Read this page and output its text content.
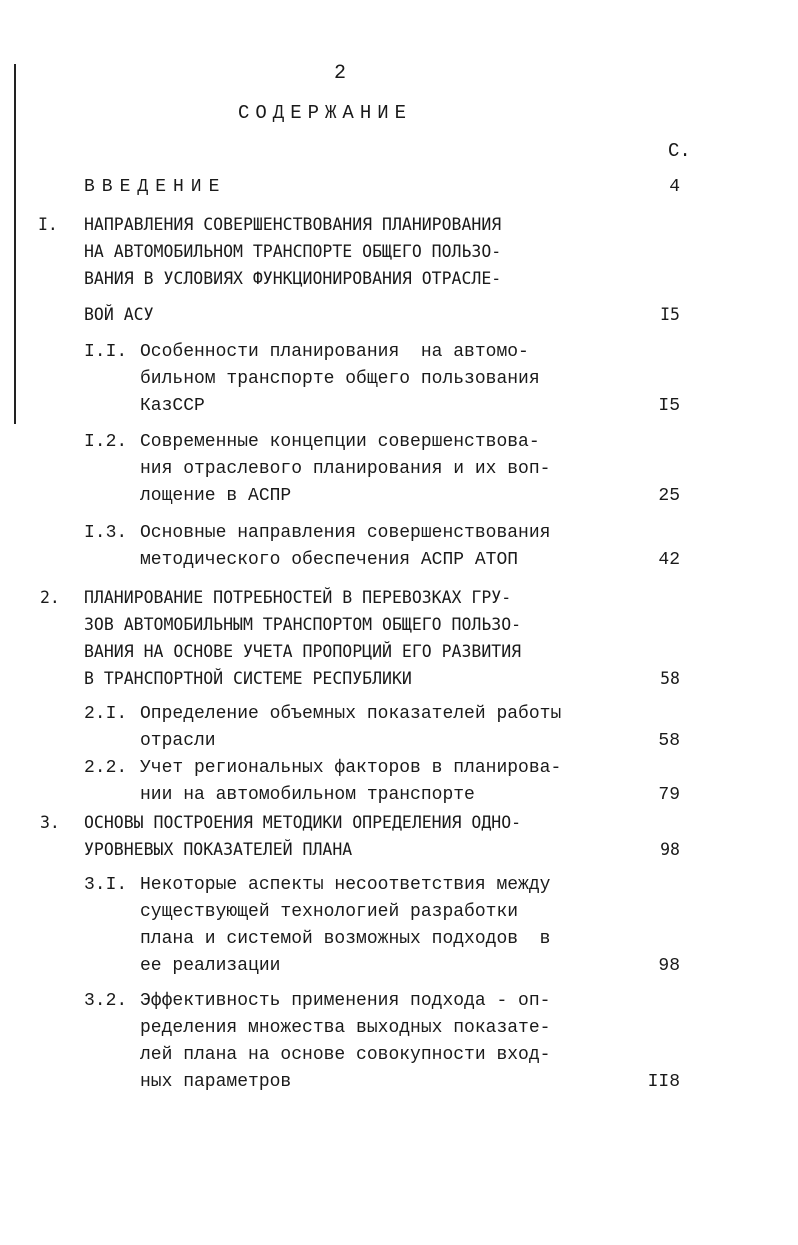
2
СОДЕРЖАНИЕ
С.
ВВЕДЕНИЕ	4
I. НАПРАВЛЕНИЯ СОВЕРШЕНСТВОВАНИЯ ПЛАНИРОВАНИЯ
НА АВТОМОБИЛЬНОМ ТРАНСПОРТЕ ОБЩЕГО ПОЛЬЗО-
ВАНИЯ В УСЛОВИЯХ ФУНКЦИОНИРОВАНИЯ ОТРАСЛЕ-
ВОЙ АСУ	I5
I.I. Особенности планирования  на автомо-
бильном транспорте общего пользования
КазССР	I5
I.2. Современные концепции совершенствова-
ния отраслевого планирования и их воп-
лощение в АСПР	25
I.3. Основные направления совершенствования
методического обеспечения АСПР АТОП	42
2. ПЛАНИРОВАНИЕ ПОТРЕБНОСТЕЙ В ПЕРЕВОЗКАХ ГРУ-
ЗОВ АВТОМОБИЛЬНЫМ ТРАНСПОРТОМ ОБЩЕГО ПОЛЬЗО-
ВАНИЯ НА ОСНОВЕ УЧЕТА ПРОПОРЦИЙ ЕГО РАЗВИТИЯ
В ТРАНСПОРТНОЙ СИСТЕМЕ РЕСПУБЛИКИ	58
2.I. Определение объемных показателей работы
отрасли	58
2.2. Учет региональных факторов в планирова-
нии на автомобильном транспорте	79
3. ОСНОВЫ ПОСТРОЕНИЯ МЕТОДИКИ ОПРЕДЕЛЕНИЯ ОДНО-
УРОВНЕВЫХ ПОКАЗАТЕЛЕЙ ПЛАНА	98
3.I. Некоторые аспекты несоответствия между
существующей технологией разработки
плана и системой возможных подходов  в
ее реализации	98
3.2. Эффективность применения подхода - оп-
ределения множества выходных показате-
лей плана на основе совокупности вход-
ных параметров	II8
